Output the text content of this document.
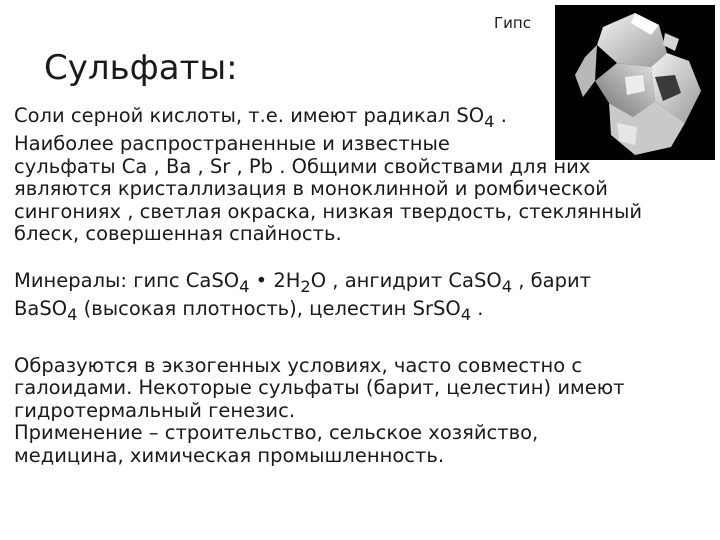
Сульфаты:
Гипс

Соли серной кислоты, т.е. имеют радикал $SO_4$ .

Наиболее распространенные и известные

сульфаты Ca , Ba , Sr , Pb . Общими свойствами для них

являются кристаллизация в моноклинной и ромбической

сингониях , светлая окраска, низкая твердость, стеклянный

блеск, совершенная спайность.

Минералы: гипс CaSO$_4$ • $2H_2O$ , ангидрит CaSO$_4$ , барит

BaSO$_4$ (высокая плотность), целестин SrSO$_4$ .

Образуются в экзогенных условиях, часто совместно с

галоидами. Некоторые сульфаты (барит, целестин) имеют

гидротермальный генезис.

Применение – строительство, сельское хозяйство,

медицина, химическая промышленность.
